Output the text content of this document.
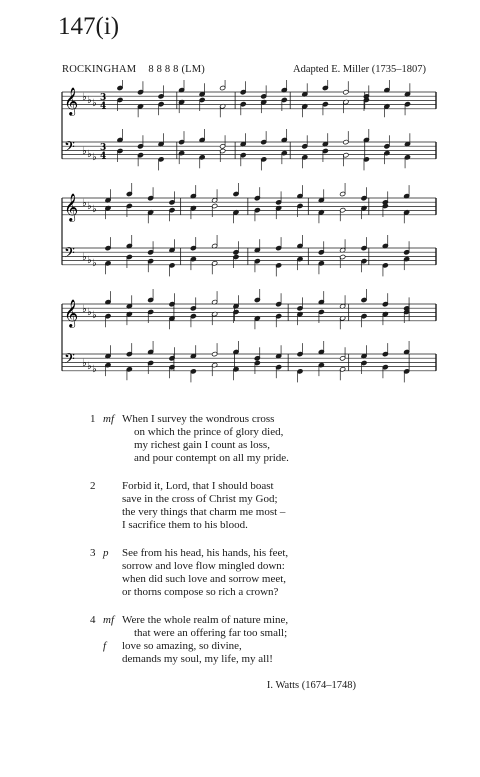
147(i)
ROCKINGHAM 8 8 8 8 (LM)	Adapted E. Miller (1735–1807)
𝄞 ♭ ♭ ♭
𝄢 ♭ ♭ ♭
3
4
3
4
𝄞 ♭ ♭ ♭
𝄢 ♭ ♭ ♭
𝄞 ♭ ♭ ♭
𝄢 ♭ ♭ ♭
1 mf When I survey the wondrous cross
on which the prince of glory died,
my richest gain I count as loss,
and pour contempt on all my pride.
2 Forbid it, Lord, that I should boast
save in the cross of Christ my God;
the very things that charm me most –
I sacrifice them to his blood.
3 p See from his head, his hands, his feet,
sorrow and love flow mingled down:
when did such love and sorrow meet,
or thorns compose so rich a crown?
4 mf Were the whole realm of nature mine,
that were an offering far too small;
f love so amazing, so divine,
demands my soul, my life, my all!
I. Watts (1674–1748)
